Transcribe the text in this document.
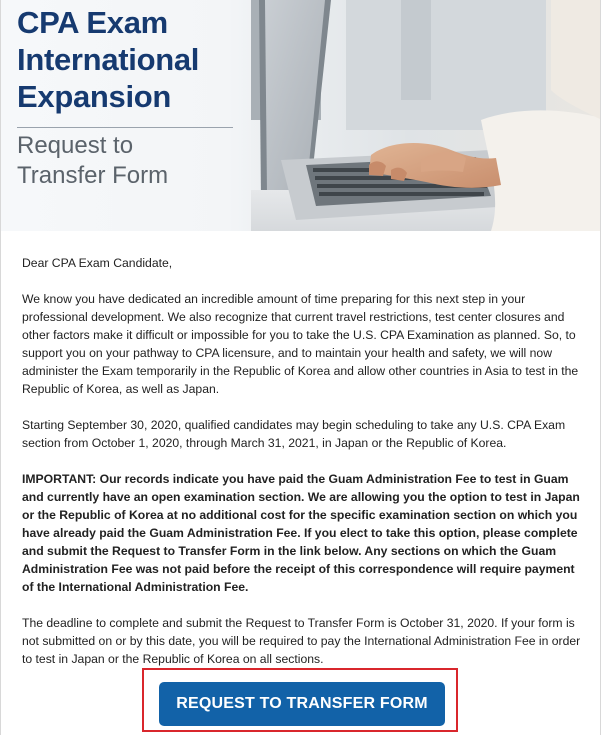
CPA Exam
International
Expansion
Request to
Transfer Form

Dear CPA Exam Candidate,

We know you have dedicated an incredible amount of time preparing for this next step in your professional development. We also recognize that current travel restrictions, test center closures and other factors make it difficult or impossible for you to take the U.S. CPA Examination as planned. So, to support you on your pathway to CPA licensure, and to maintain your health and safety, we will now administer the Exam temporarily in the Republic of Korea and allow other countries in Asia to test in the Republic of Korea, as well as Japan.

Starting September 30, 2020, qualified candidates may begin scheduling to take any U.S. CPA Exam section from October 1, 2020, through March 31, 2021, in Japan or the Republic of Korea.

IMPORTANT: Our records indicate you have paid the Guam Administration Fee to test in Guam and currently have an open examination section. We are allowing you the option to test in Japan or the Republic of Korea at no additional cost for the specific examination section on which you have already paid the Guam Administration Fee. If you elect to take this option, please complete and submit the Request to Transfer Form in the link below. Any sections on which the Guam Administration Fee was not paid before the receipt of this correspondence will require payment of the International Administration Fee.

The deadline to complete and submit the Request to Transfer Form is October 31, 2020. If your form is not submitted on or by this date, you will be required to pay the International Administration Fee in order to test in Japan or the Republic of Korea on all sections.

REQUEST TO TRANSFER FORM
